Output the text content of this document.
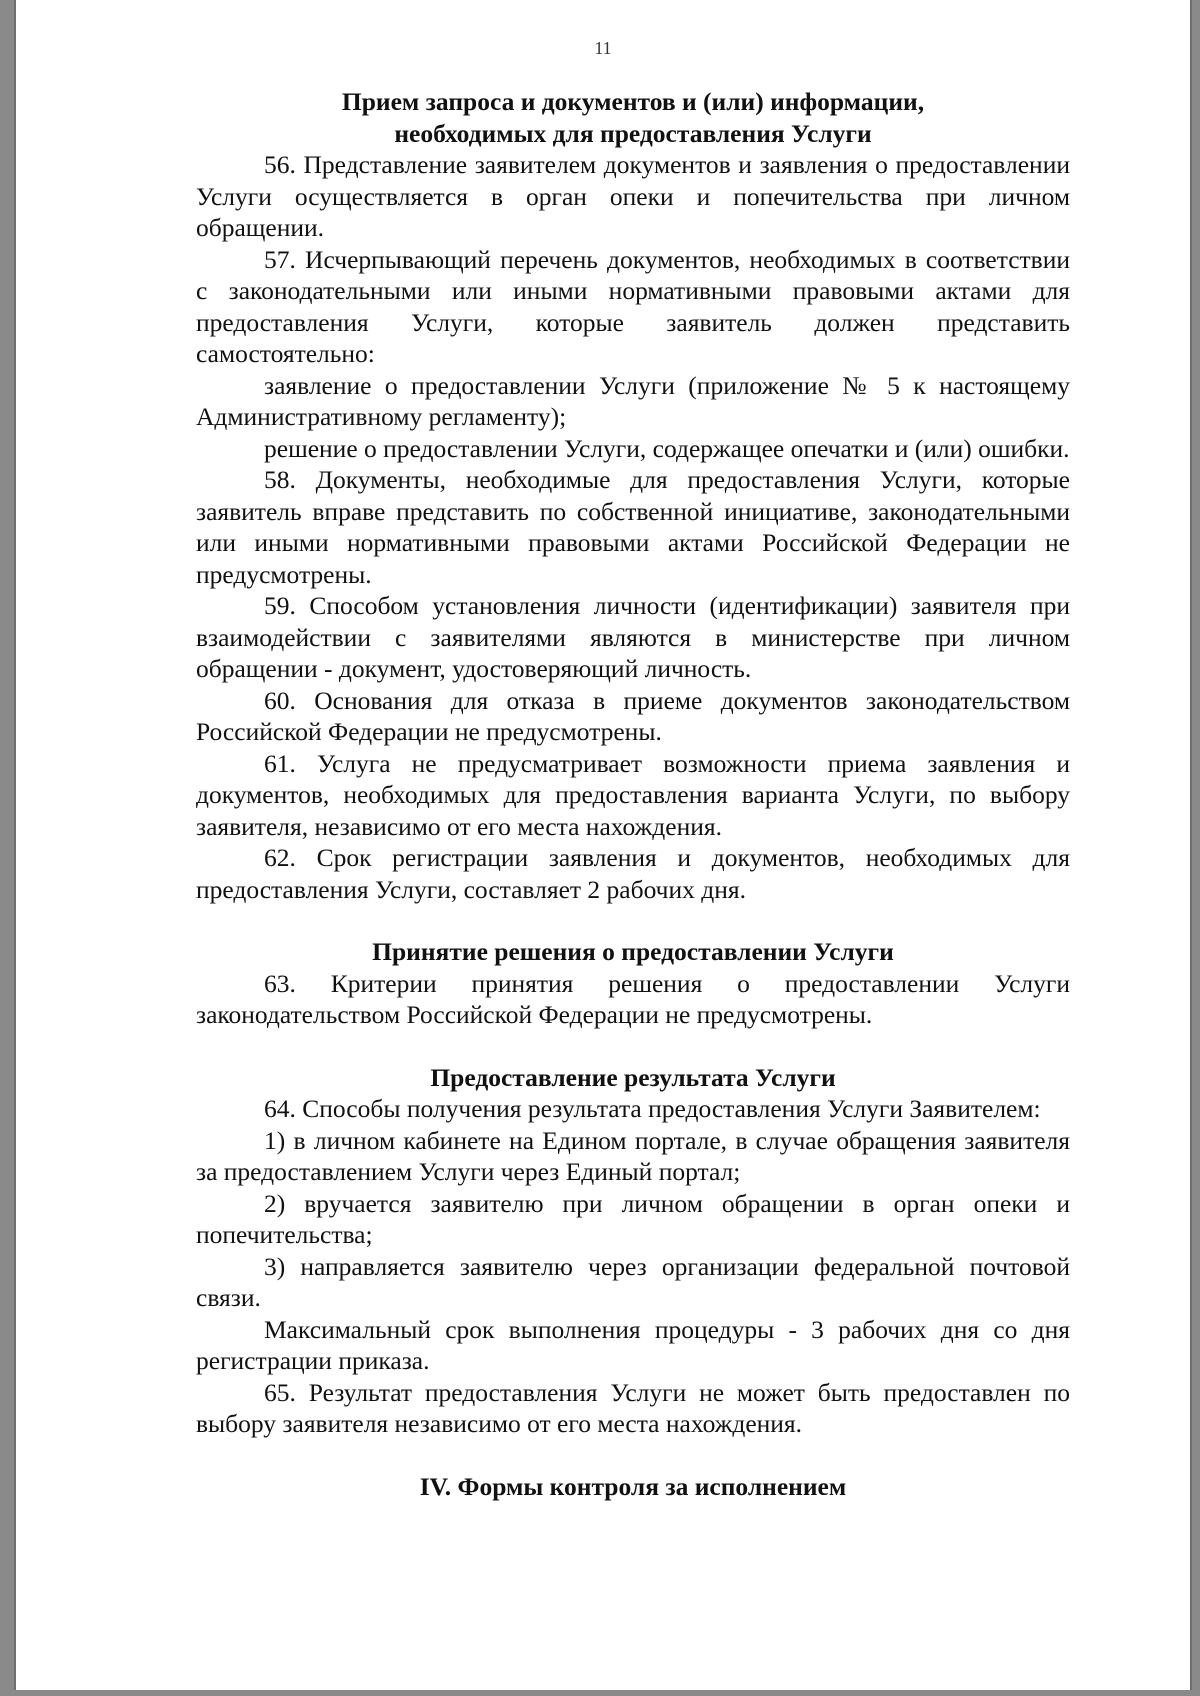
11
Прием запроса и документов и (или) информации,
необходимых для предоставления Услуги

56. Представление заявителем документов и заявления о предоставлении Услуги осуществляется в орган опеки и попечительства при личном обращении.

57. Исчерпывающий перечень документов, необходимых в соответствии с законодательными или иными нормативными правовыми актами для предоставления Услуги, которые заявитель должен представить самостоятельно:

заявление о предоставлении Услуги (приложение № 5 к настоящему Административному регламенту);

решение о предоставлении Услуги, содержащее опечатки и (или) ошибки.

58. Документы, необходимые для предоставления Услуги, которые заявитель вправе представить по собственной инициативе, законодательными или иными нормативными правовыми актами Российской Федерации не предусмотрены.

59. Способом установления личности (идентификации) заявителя при взаимодействии с заявителями являются в министерстве при личном обращении - документ, удостоверяющий личность.

60. Основания для отказа в приеме документов законодательством Российской Федерации не предусмотрены.

61. Услуга не предусматривает возможности приема заявления и документов, необходимых для предоставления варианта Услуги, по выбору заявителя, независимо от его места нахождения.

62. Срок регистрации заявления и документов, необходимых для предоставления Услуги, составляет 2 рабочих дня.

Принятие решения о предоставлении Услуги

63. Критерии принятия решения о предоставлении Услуги законодательством Российской Федерации не предусмотрены.

Предоставление результата Услуги

64. Способы получения результата предоставления Услуги Заявителем:

1) в личном кабинете на Едином портале, в случае обращения заявителя за предоставлением Услуги через Единый портал;

2) вручается заявителю при личном обращении в орган опеки и попечительства;

3) направляется заявителю через организации федеральной почтовой связи.

Максимальный срок выполнения процедуры - 3 рабочих дня со дня регистрации приказа.

65. Результат предоставления Услуги не может быть предоставлен по выбору заявителя независимо от его места нахождения.

IV. Формы контроля за исполнением
